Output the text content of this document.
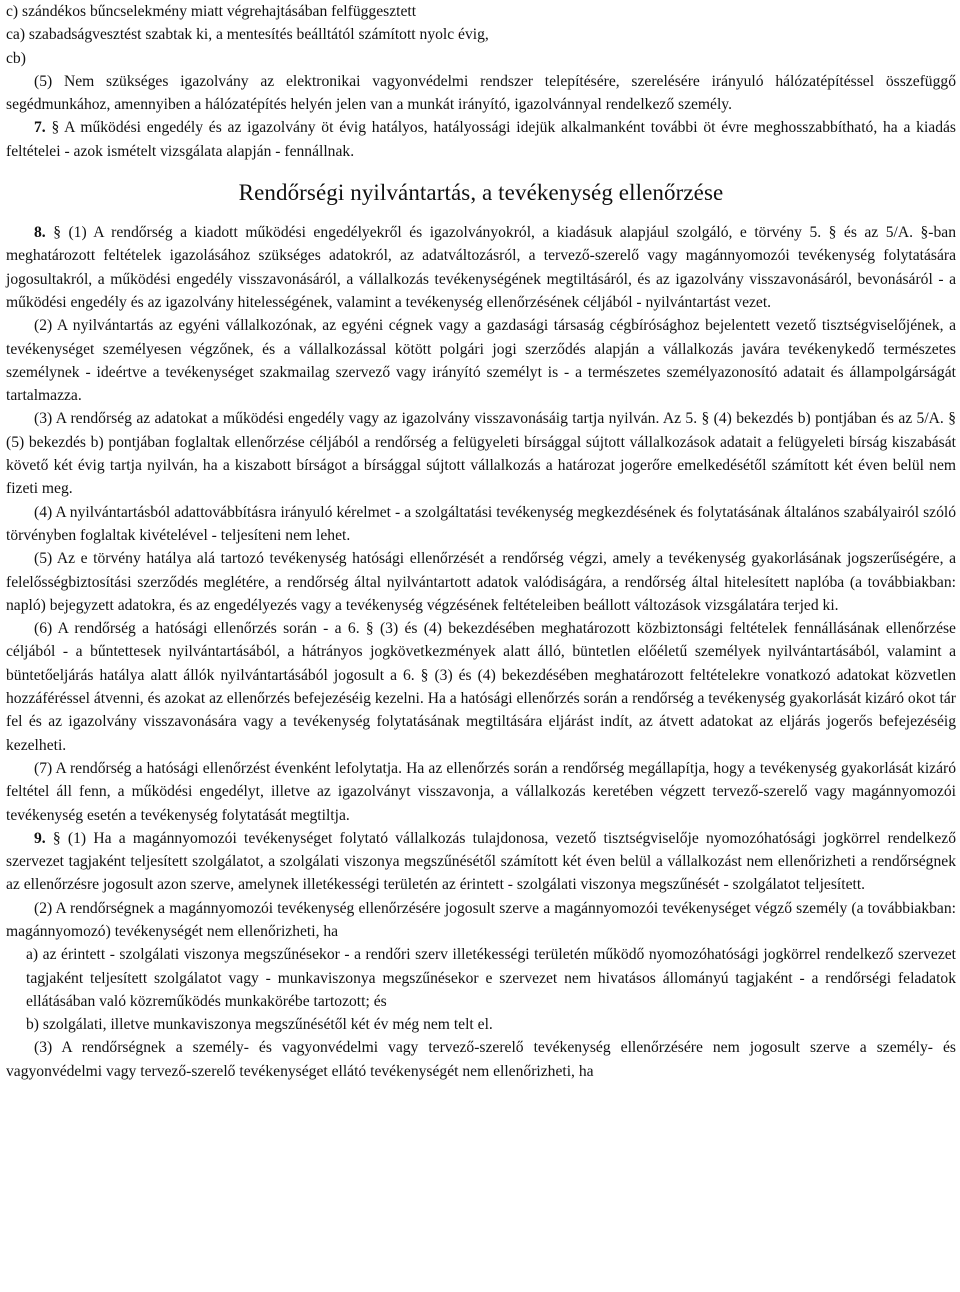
c) szándékos bűncselekmény miatt végrehajtásában felfüggesztett

ca) szabadságvesztést szabtak ki, a mentesítés beálltától számított nyolc évig,

cb)

(5) Nem szükséges igazolvány az elektronikai vagyonvédelmi rendszer telepítésére, szerelésére irányuló hálózatépítéssel összefüggő segédmunkához, amennyiben a hálózatépítés helyén jelen van a munkát irányító, igazolvánnyal rendelkező személy.

7. § A működési engedély és az igazolvány öt évig hatályos, hatályossági idejük alkalmanként további öt évre meghosszabbítható, ha a kiadás feltételei - azok ismételt vizsgálata alapján - fennállnak.

Rendőrségi nyilvántartás, a tevékenység ellenőrzése

8. § (1) A rendőrség a kiadott működési engedélyekről és igazolványokról, a kiadásuk alapjául szolgáló, e törvény 5. § és az 5/A. §-ban meghatározott feltételek igazolásához szükséges adatokról, az adatváltozásról, a tervező-szerelő vagy magánnyomozói tevékenység folytatására jogosultakról, a működési engedély visszavonásáról, a vállalkozás tevékenységének megtiltásáról, és az igazolvány visszavonásáról, bevonásáról - a működési engedély és az igazolvány hitelességének, valamint a tevékenység ellenőrzésének céljából - nyilvántartást vezet.

(2) A nyilvántartás az egyéni vállalkozónak, az egyéni cégnek vagy a gazdasági társaság cégbírósághoz bejelentett vezető tisztségviselőjének, a tevékenységet személyesen végzőnek, és a vállalkozással kötött polgári jogi szerződés alapján a vállalkozás javára tevékenykedő természetes személynek - ideértve a tevékenységet szakmailag szervező vagy irányító személyt is - a természetes személyazonosító adatait és állampolgárságát tartalmazza.

(3) A rendőrség az adatokat a működési engedély vagy az igazolvány visszavonásáig tartja nyilván. Az 5. § (4) bekezdés b) pontjában és az 5/A. § (5) bekezdés b) pontjában foglaltak ellenőrzése céljából a rendőrség a felügyeleti bírsággal sújtott vállalkozások adatait a felügyeleti bírság kiszabását követő két évig tartja nyilván, ha a kiszabott bírságot a bírsággal sújtott vállalkozás a határozat jogerőre emelkedésétől számított két éven belül nem fizeti meg.

(4) A nyilvántartásból adattovábbításra irányuló kérelmet - a szolgáltatási tevékenység megkezdésének és folytatásának általános szabályairól szóló törvényben foglaltak kivételével - teljesíteni nem lehet.

(5) Az e törvény hatálya alá tartozó tevékenység hatósági ellenőrzését a rendőrség végzi, amely a tevékenység gyakorlásának jogszerűségére, a felelősségbiztosítási szerződés meglétére, a rendőrség által nyilvántartott adatok valódiságára, a rendőrség által hitelesített naplóba (a továbbiakban: napló) bejegyzett adatokra, és az engedélyezés vagy a tevékenység végzésének feltételeiben beállott változások vizsgálatára terjed ki.

(6) A rendőrség a hatósági ellenőrzés során - a 6. § (3) és (4) bekezdésében meghatározott közbiztonsági feltételek fennállásának ellenőrzése céljából - a bűntettesek nyilvántartásából, a hátrányos jogkövetkezmények alatt álló, büntetlen előéletű személyek nyilvántartásából, valamint a büntetőeljárás hatálya alatt állók nyilvántartásából jogosult a 6. § (3) és (4) bekezdésében meghatározott feltételekre vonatkozó adatokat közvetlen hozzáféréssel átvenni, és azokat az ellenőrzés befejezéséig kezelni. Ha a hatósági ellenőrzés során a rendőrség a tevékenység gyakorlását kizáró okot tár fel és az igazolvány visszavonására vagy a tevékenység folytatásának megtiltására eljárást indít, az átvett adatokat az eljárás jogerős befejezéséig kezelheti.

(7) A rendőrség a hatósági ellenőrzést évenként lefolytatja. Ha az ellenőrzés során a rendőrség megállapítja, hogy a tevékenység gyakorlását kizáró feltétel áll fenn, a működési engedélyt, illetve az igazolványt visszavonja, a vállalkozás keretében végzett tervező-szerelő vagy magánnyomozói tevékenység esetén a tevékenység folytatását megtiltja.

9. § (1) Ha a magánnyomozói tevékenységet folytató vállalkozás tulajdonosa, vezető tisztségviselője nyomozóhatósági jogkörrel rendelkező szervezet tagjaként teljesített szolgálatot, a szolgálati viszonya megszűnésétől számított két éven belül a vállalkozást nem ellenőrizheti a rendőrségnek az ellenőrzésre jogosult azon szerve, amelynek illetékességi területén az érintett - szolgálati viszonya megszűnését - szolgálatot teljesített.

(2) A rendőrségnek a magánnyomozói tevékenység ellenőrzésére jogosult szerve a magánnyomozói tevékenységet végző személy (a továbbiakban: magánnyomozó) tevékenységét nem ellenőrizheti, ha

a) az érintett - szolgálati viszonya megszűnésekor - a rendőri szerv illetékességi területén működő nyomozóhatósági jogkörrel rendelkező szervezet tagjaként teljesített szolgálatot vagy - munkaviszonya megszűnésekor e szervezet nem hivatásos állományú tagjaként - a rendőrségi feladatok ellátásában való közreműködés munkakörébe tartozott; és

b) szolgálati, illetve munkaviszonya megszűnésétől két év még nem telt el.

(3) A rendőrségnek a személy- és vagyonvédelmi vagy tervező-szerelő tevékenység ellenőrzésére nem jogosult szerve a személy- és vagyonvédelmi vagy tervező-szerelő tevékenységet ellátó tevékenységét nem ellenőrizheti, ha
